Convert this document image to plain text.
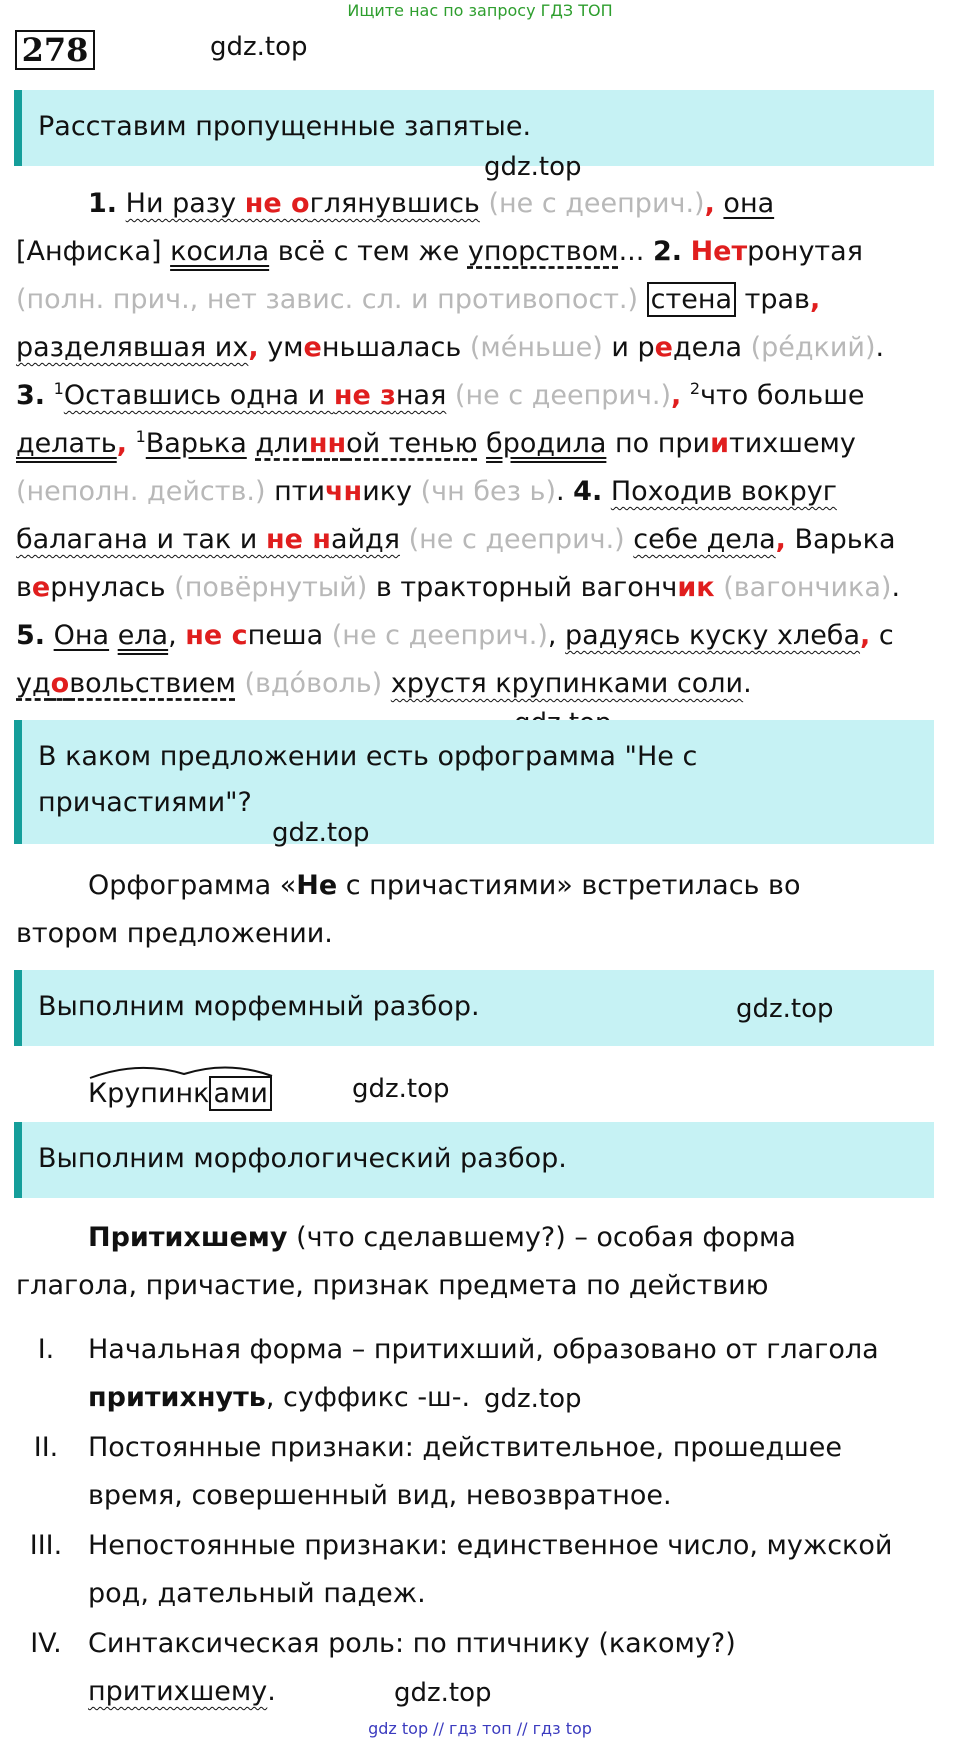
Ищите нас по запросу ГДЗ ТОП
278	gdz.top
Расставим пропущенные запятые.
gdz.top
1. Ни разу не оглянувшись (не с дееприч.), она
[Анфиска] косила всё с тем же упорством... 2. Нетронутая
(полн. прич., нет завис. сл. и противопост.) стена трав,
разделявшая их, уменьшалась (ме́ньше) и редела (ре́дкий).
3. $^1$Оставшись одна и не зная (не с дееприч.), $^2$что больше
делать, $^1$Варька длинной тенью бродила по приитихшему
(неполн. действ.) птичнику (чн без ь). 4. Походив вокруг
балагана и так и не найдя (не с дееприч.) себе дела, Варька
вернулась (повёрнутый) в тракторный вагончик (вагончика).
5. Она ела, не спеша (не с дееприч.), радуясь куску хлеба, с
удовольствием (вдо́воль) хрустя крупинками соли.
В каком предложении есть орфограмма "Не с
причастиями"?
gdz.top
Орфограмма «Не с причастиями» встретилась во
втором предложении.
Выполним морфемный разбор.	gdz.top
Крупинк ами	gdz.top
Выполним морфологический разбор.
Притихшему (что сделавшему?) – особая форма
глагола, причастие, признак предмета по действию
I.	Начальная форма – притихший, образовано от глагола
притихнуть, суффикс -ш-. gdz.top
II.	Постоянные признаки: действительное, прошедшее
время, совершенный вид, невозвратное.
III. Непостоянные признаки: единственное число, мужской
род, дательный падеж.
IV. Синтаксическая роль: по птичнику (какому?)
притихшему.	gdz.top
gdz top // гдз топ // гдз top
